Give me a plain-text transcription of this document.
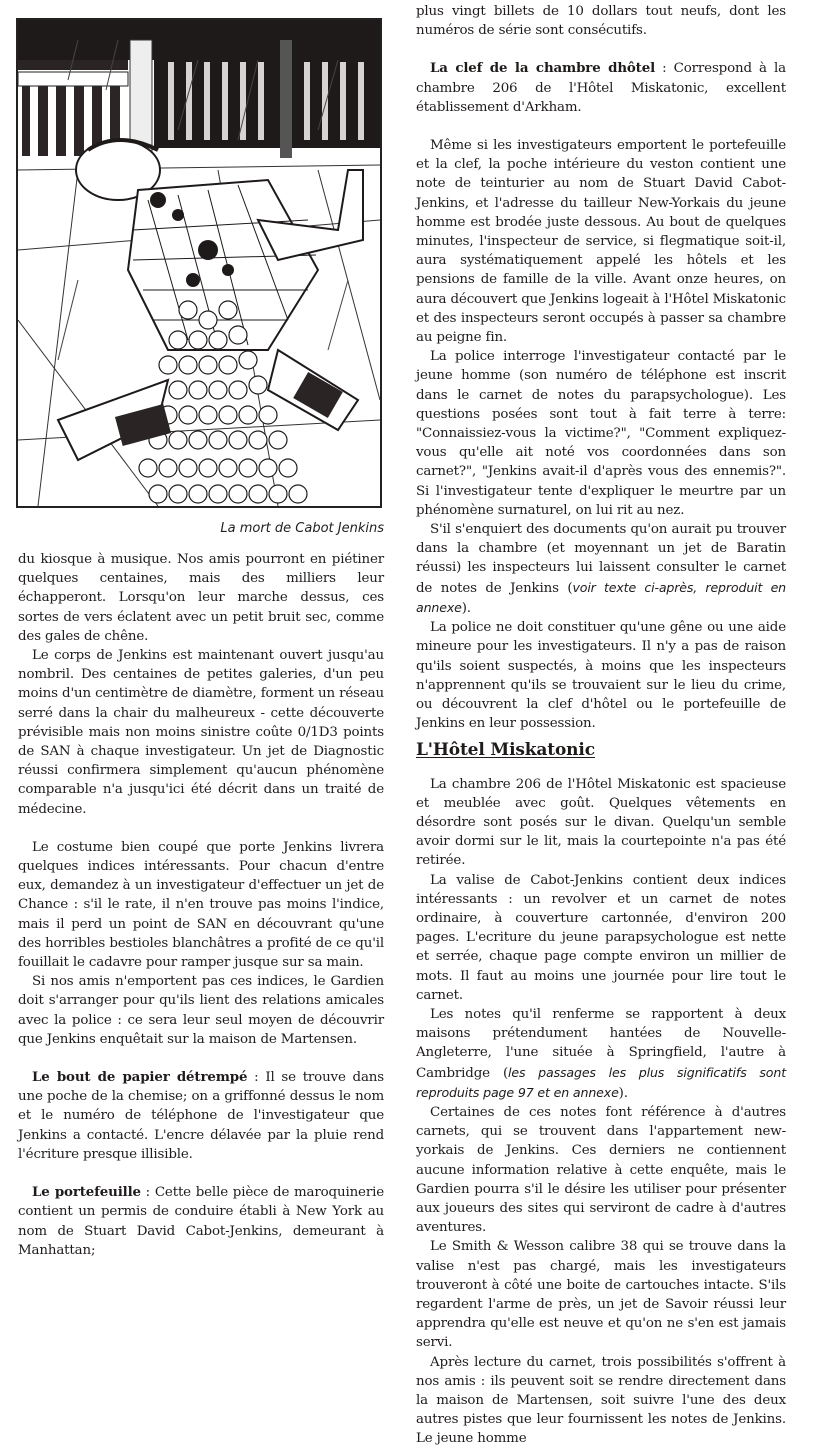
La mort de Cabot Jenkins

du kiosque à musique. Nos amis pourront en piétiner quelques centaines, mais des milliers leur échapperont. Lorsqu'on leur marche dessus, ces sortes de vers éclatent avec un petit bruit sec, comme des gales de chêne.

Le corps de Jenkins est maintenant ouvert jusqu'au nombril. Des centaines de petites galeries, d'un peu moins d'un centimètre de diamètre, forment un réseau serré dans la chair du malheureux - cette découverte prévisible mais non moins sinistre coûte 0/1D3 points de SAN à chaque investigateur. Un jet de Diagnostic réussi confirmera simplement qu'aucun phénomène comparable n'a jusqu'ici été décrit dans un traité de médecine.

Le costume bien coupé que porte Jenkins livrera quelques indices intéressants. Pour chacun d'entre eux, demandez à un investigateur d'effectuer un jet de Chance : s'il le rate, il n'en trouve pas moins l'indice, mais il perd un point de SAN en découvrant qu'une des horribles bestioles blanchâtres a profité de ce qu'il fouillait le cadavre pour ramper jusque sur sa main.

Si nos amis n'emportent pas ces indices, le Gardien doit s'arranger pour qu'ils lient des relations amicales avec la police : ce sera leur seul moyen de découvrir que Jenkins enquêtait sur la maison de Martensen.

Le bout de papier détrempé : Il se trouve dans une poche de la chemise; on a griffonné dessus le nom et le numéro de téléphone de l'investigateur que Jenkins a contacté. L'encre délavée par la pluie rend l'écriture presque illisible.

Le portefeuille : Cette belle pièce de maroquinerie contient un permis de conduire établi à New York au nom de Stuart David Cabot-Jenkins, demeurant à Manhattan;

plus vingt billets de 10 dollars tout neufs, dont les numéros de série sont consécutifs.

La clef de la chambre dhôtel : Correspond à la chambre 206 de l'Hôtel Miskatonic, excellent établissement d'Arkham.

Même si les investigateurs emportent le portefeuille et la clef, la poche intérieure du veston contient une note de teinturier au nom de Stuart David Cabot-Jenkins, et l'adresse du tailleur New-Yorkais du jeune homme est brodée juste dessous. Au bout de quelques minutes, l'inspecteur de service, si flegmatique soit-il, aura systématiquement appelé les hôtels et les pensions de famille de la ville. Avant onze heures, on aura découvert que Jenkins logeait à l'Hôtel Miskatonic et des inspecteurs seront occupés à passer sa chambre au peigne fin.

La police interroge l'investigateur contacté par le jeune homme (son numéro de téléphone est inscrit dans le carnet de notes du parapsychologue). Les questions posées sont tout à fait terre à terre: "Connaissiez-vous la victime?", "Comment expliquez-vous qu'elle ait noté vos coordonnées dans son carnet?", "Jenkins avait-il d'après vous des ennemis?". Si l'investigateur tente d'expliquer le meurtre par un phénomène surnaturel, on lui rit au nez.

S'il s'enquiert des documents qu'on aurait pu trouver dans la chambre (et moyennant un jet de Baratin réussi) les inspecteurs lui laissent consulter le carnet de notes de Jenkins (voir texte ci-après, reproduit en annexe).

La police ne doit constituer qu'une gêne ou une aide mineure pour les investigateurs. Il n'y a pas de raison qu'ils soient suspectés, à moins que les inspecteurs n'apprennent qu'ils se trouvaient sur le lieu du crime, ou découvrent la clef d'hôtel ou le portefeuille de Jenkins en leur possession.

L'Hôtel Miskatonic

La chambre 206 de l'Hôtel Miskatonic est spacieuse et meublée avec goût. Quelques vêtements en désordre sont posés sur le divan. Quelqu'un semble avoir dormi sur le lit, mais la courtepointe n'a pas été retirée.

La valise de Cabot-Jenkins contient deux indices intéressants : un revolver et un carnet de notes ordinaire, à couverture cartonnée, d'environ 200 pages. L'ecriture du jeune parapsychologue est nette et serrée, chaque page compte environ un millier de mots. Il faut au moins une journée pour lire tout le carnet.

Les notes qu'il renferme se rapportent à deux maisons prétendument hantées de Nouvelle-Angleterre, l'une située à Springfield, l'autre à Cambridge (les passages les plus significatifs sont reproduits page 97 et en annexe).

Certaines de ces notes font référence à d'autres carnets, qui se trouvent dans l'appartement new-yorkais de Jenkins. Ces derniers ne contiennent aucune information relative à cette enquête, mais le Gardien pourra s'il le désire les utiliser pour présenter aux joueurs des sites qui serviront de cadre à d'autres aventures.

Le Smith & Wesson calibre 38 qui se trouve dans la valise n'est pas chargé, mais les investigateurs trouveront à côté une boite de cartouches intacte. S'ils regardent l'arme de près, un jet de Savoir réussi leur apprendra qu'elle est neuve et qu'on ne s'en est jamais servi.

Après lecture du carnet, trois possibilités s'offrent à nos amis : ils peuvent soit se rendre directement dans la maison de Martensen, soit suivre l'une des deux autres pistes que leur fournissent les notes de Jenkins. Le jeune homme
